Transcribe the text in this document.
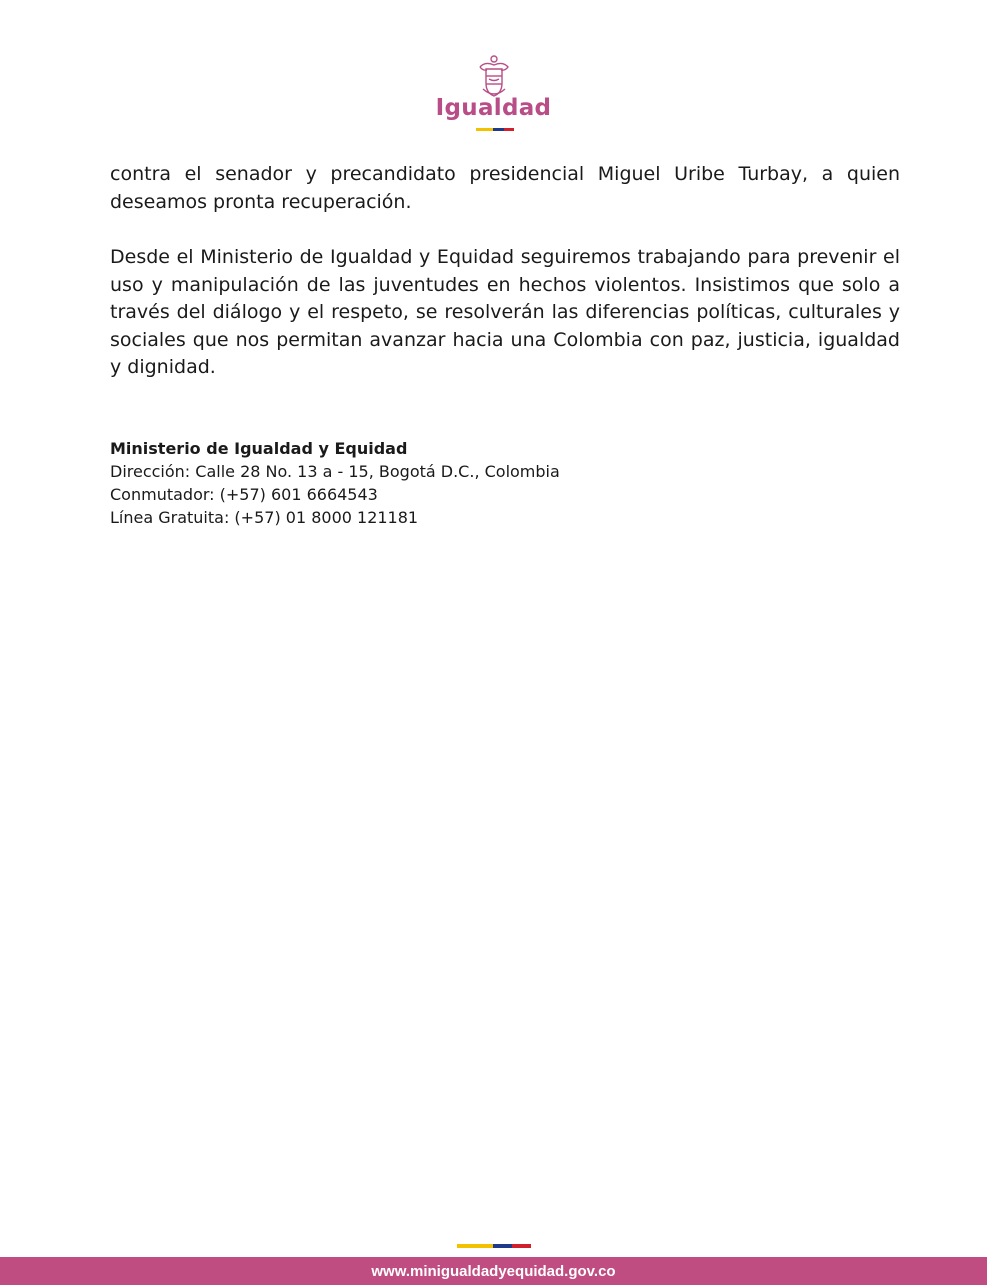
Igualdad

contra el senador y precandidato presidencial Miguel Uribe Turbay, a quien deseamos pronta recuperación.

Desde el Ministerio de Igualdad y Equidad seguiremos trabajando para prevenir el uso y manipulación de las juventudes en hechos violentos. Insistimos que solo a través del diálogo y el respeto, se resolverán las diferencias políticas, culturales y sociales que nos permitan avanzar hacia una Colombia con paz, justicia, igualdad y dignidad.

Ministerio de Igualdad y Equidad
Dirección: Calle 28 No. 13 a - 15, Bogotá D.C., Colombia
Conmutador: (+57) 601 6664543
Línea Gratuita: (+57) 01 8000 121181
www.minigualdadyequidad.gov.co
